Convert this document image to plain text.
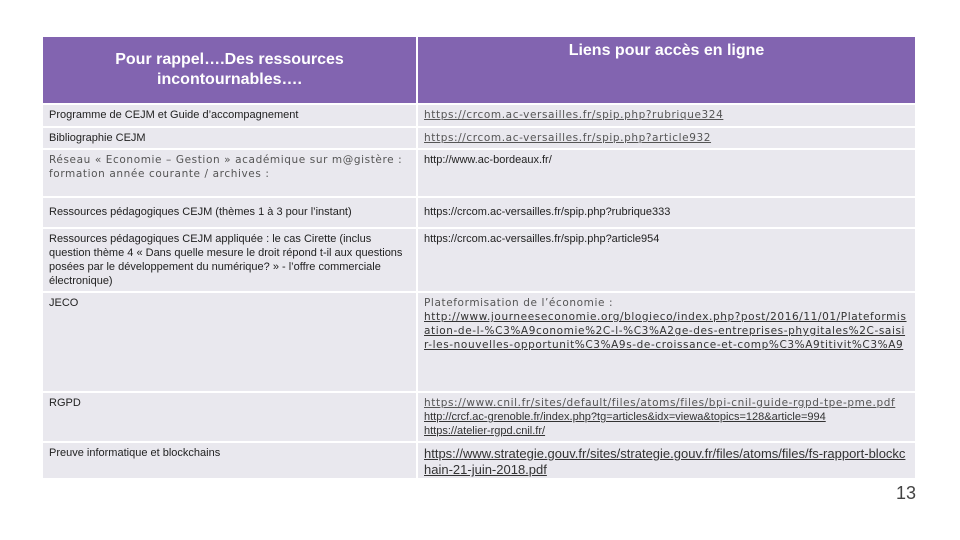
Pour rappel….Des ressources incontournables….	Liens pour accès en ligne

Programme de CEJM et Guide d’accompagnement	https://crcom.ac-versailles.fr/spip.php?rubrique324

Bibliographie CEJM	https://crcom.ac-versailles.fr/spip.php?article932

Réseau « Economie – Gestion » académique sur m@gistère : formation année courante / archives :	http://www.ac-bordeaux.fr/

Ressources pédagogiques CEJM (thèmes 1 à 3 pour l’instant)	https://crcom.ac-versailles.fr/spip.php?rubrique333

Ressources pédagogiques CEJM appliquée : le cas Cirette (inclus question thème 4 « Dans quelle mesure le droit répond t-il aux questions posées par le développement du numérique? » - l’offre commerciale électronique)	https://crcom.ac-versailles.fr/spip.php?article954

JECO	Plateformisation de l’économie :
http://www.journeeseconomie.org/blogieco/index.php?post/2016/11/01/Plateformisation-de-l-%C3%A9conomie%2C-l-%C3%A2ge-des-entreprises-phygitales%2C-saisir-les-nouvelles-opportunit%C3%A9s-de-croissance-et-comp%C3%A9titivit%C3%A9

RGPD	https://www.cnil.fr/sites/default/files/atoms/files/bpi-cnil-guide-rgpd-tpe-pme.pdf
http://crcf.ac-grenoble.fr/index.php?tg=articles&idx=viewa&topics=128&article=994
https://atelier-rgpd.cnil.fr/

Preuve informatique et blockchains	https://www.strategie.gouv.fr/sites/strategie.gouv.fr/files/atoms/files/fs-rapport-blockchain-21-juin-2018.pdf
13
